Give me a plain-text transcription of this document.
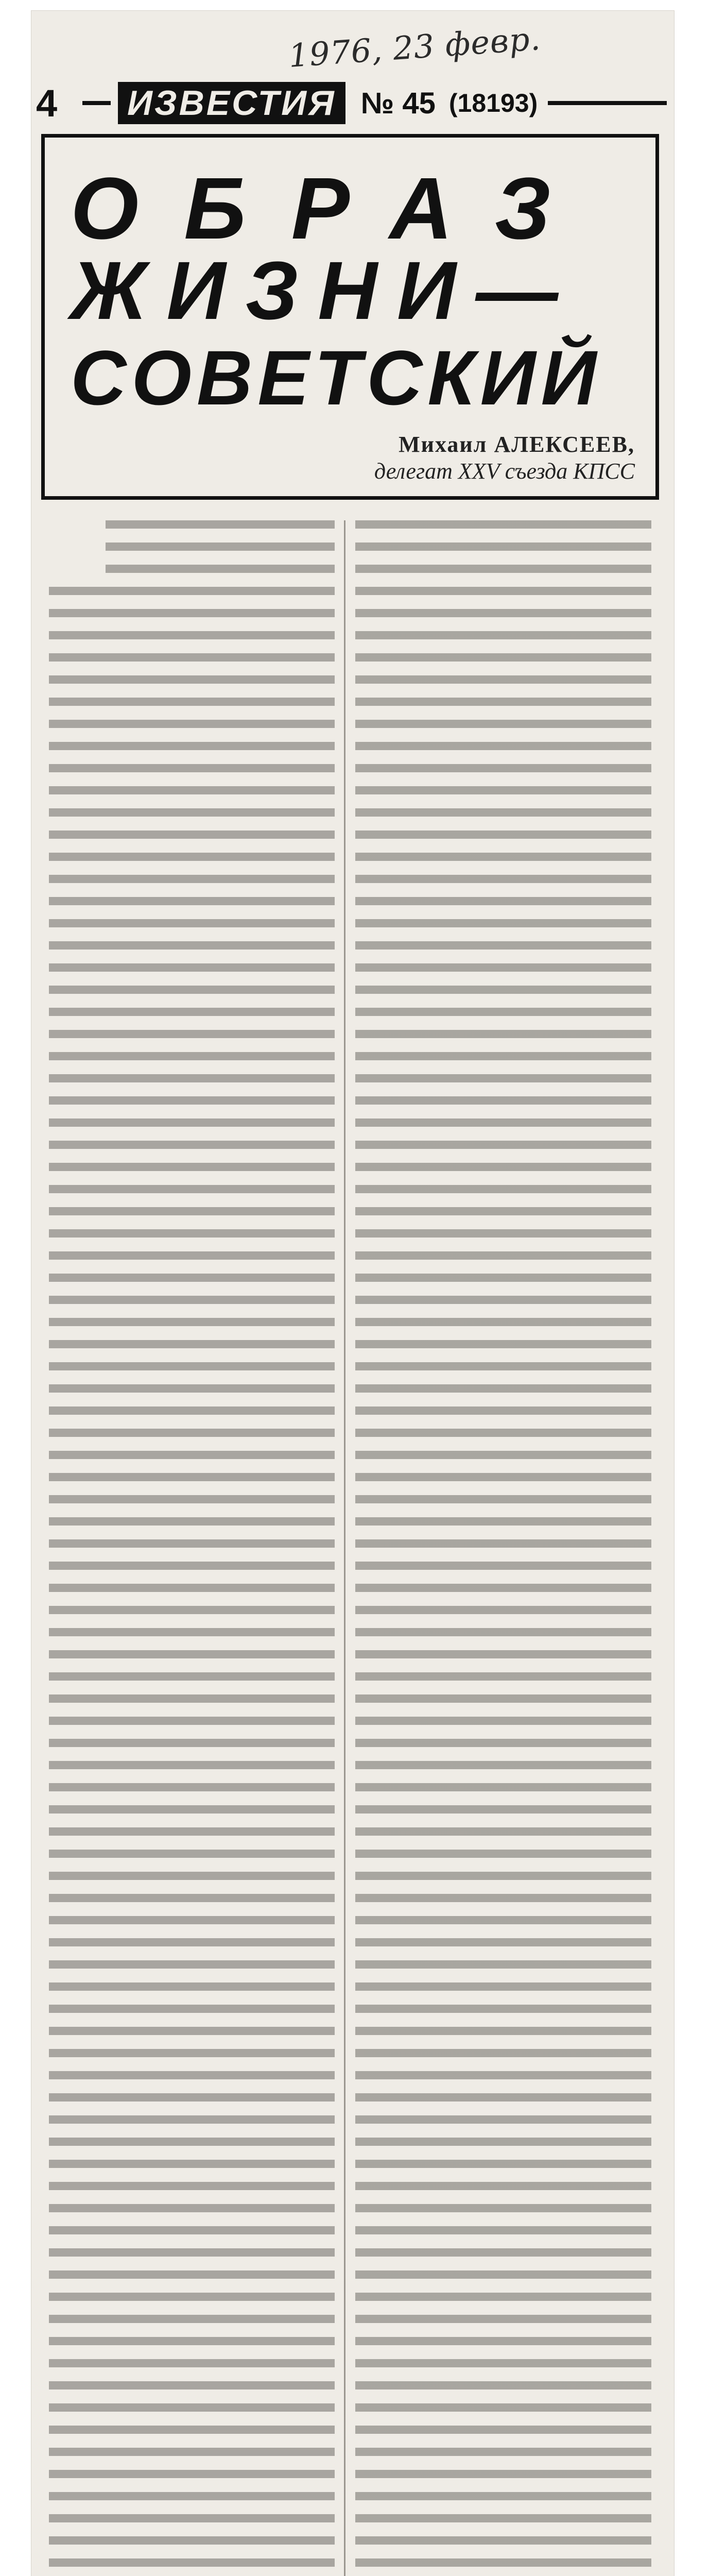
1976, 23 февр.
4	ИЗВЕСТИЯ № 45 (18193)
ОБРАЗ
ЖИЗНИ—
СОВЕТСКИЙ
Михаил АЛЕКСЕЕВ,
делегат XXV съезда КПСС
